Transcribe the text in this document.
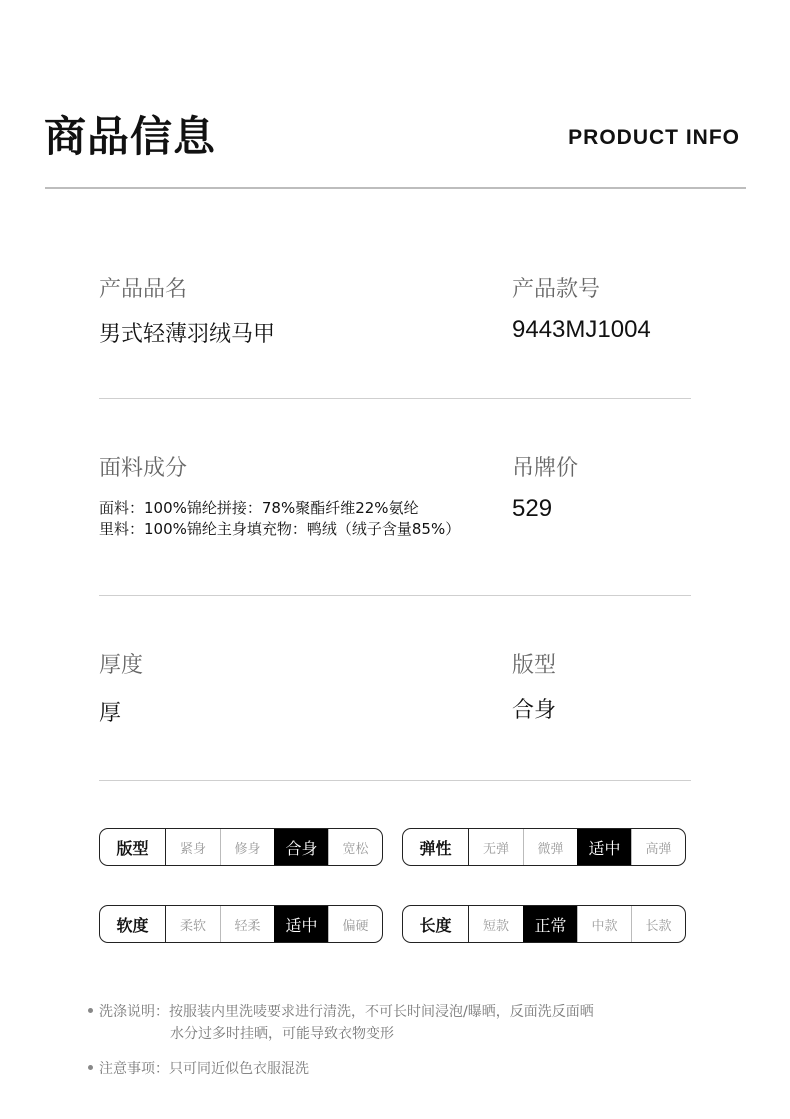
商品信息	PRODUCT INFO
产品品名
男式轻薄羽绒马甲
产品款号
9443MJ1004
面料成分
面料：100%锦纶拼接：78%聚酯纤维22%氨纶
里料：100%锦纶主身填充物：鸭绒（绒子含量85%）
吊牌价
529
厚度
厚
版型
合身
版型	紧身	修身	合身	宽松	弹性	无弹	微弹	适中	高弹
软度	柔软	轻柔	适中	偏硬	长度	短款	正常	中款	长款
洗涤说明：按服装内里洗唛要求进行清洗，不可长时间浸泡/曝晒，反面洗反面晒
水分过多时挂晒，可能导致衣物变形
注意事项：只可同近似色衣服混洗
